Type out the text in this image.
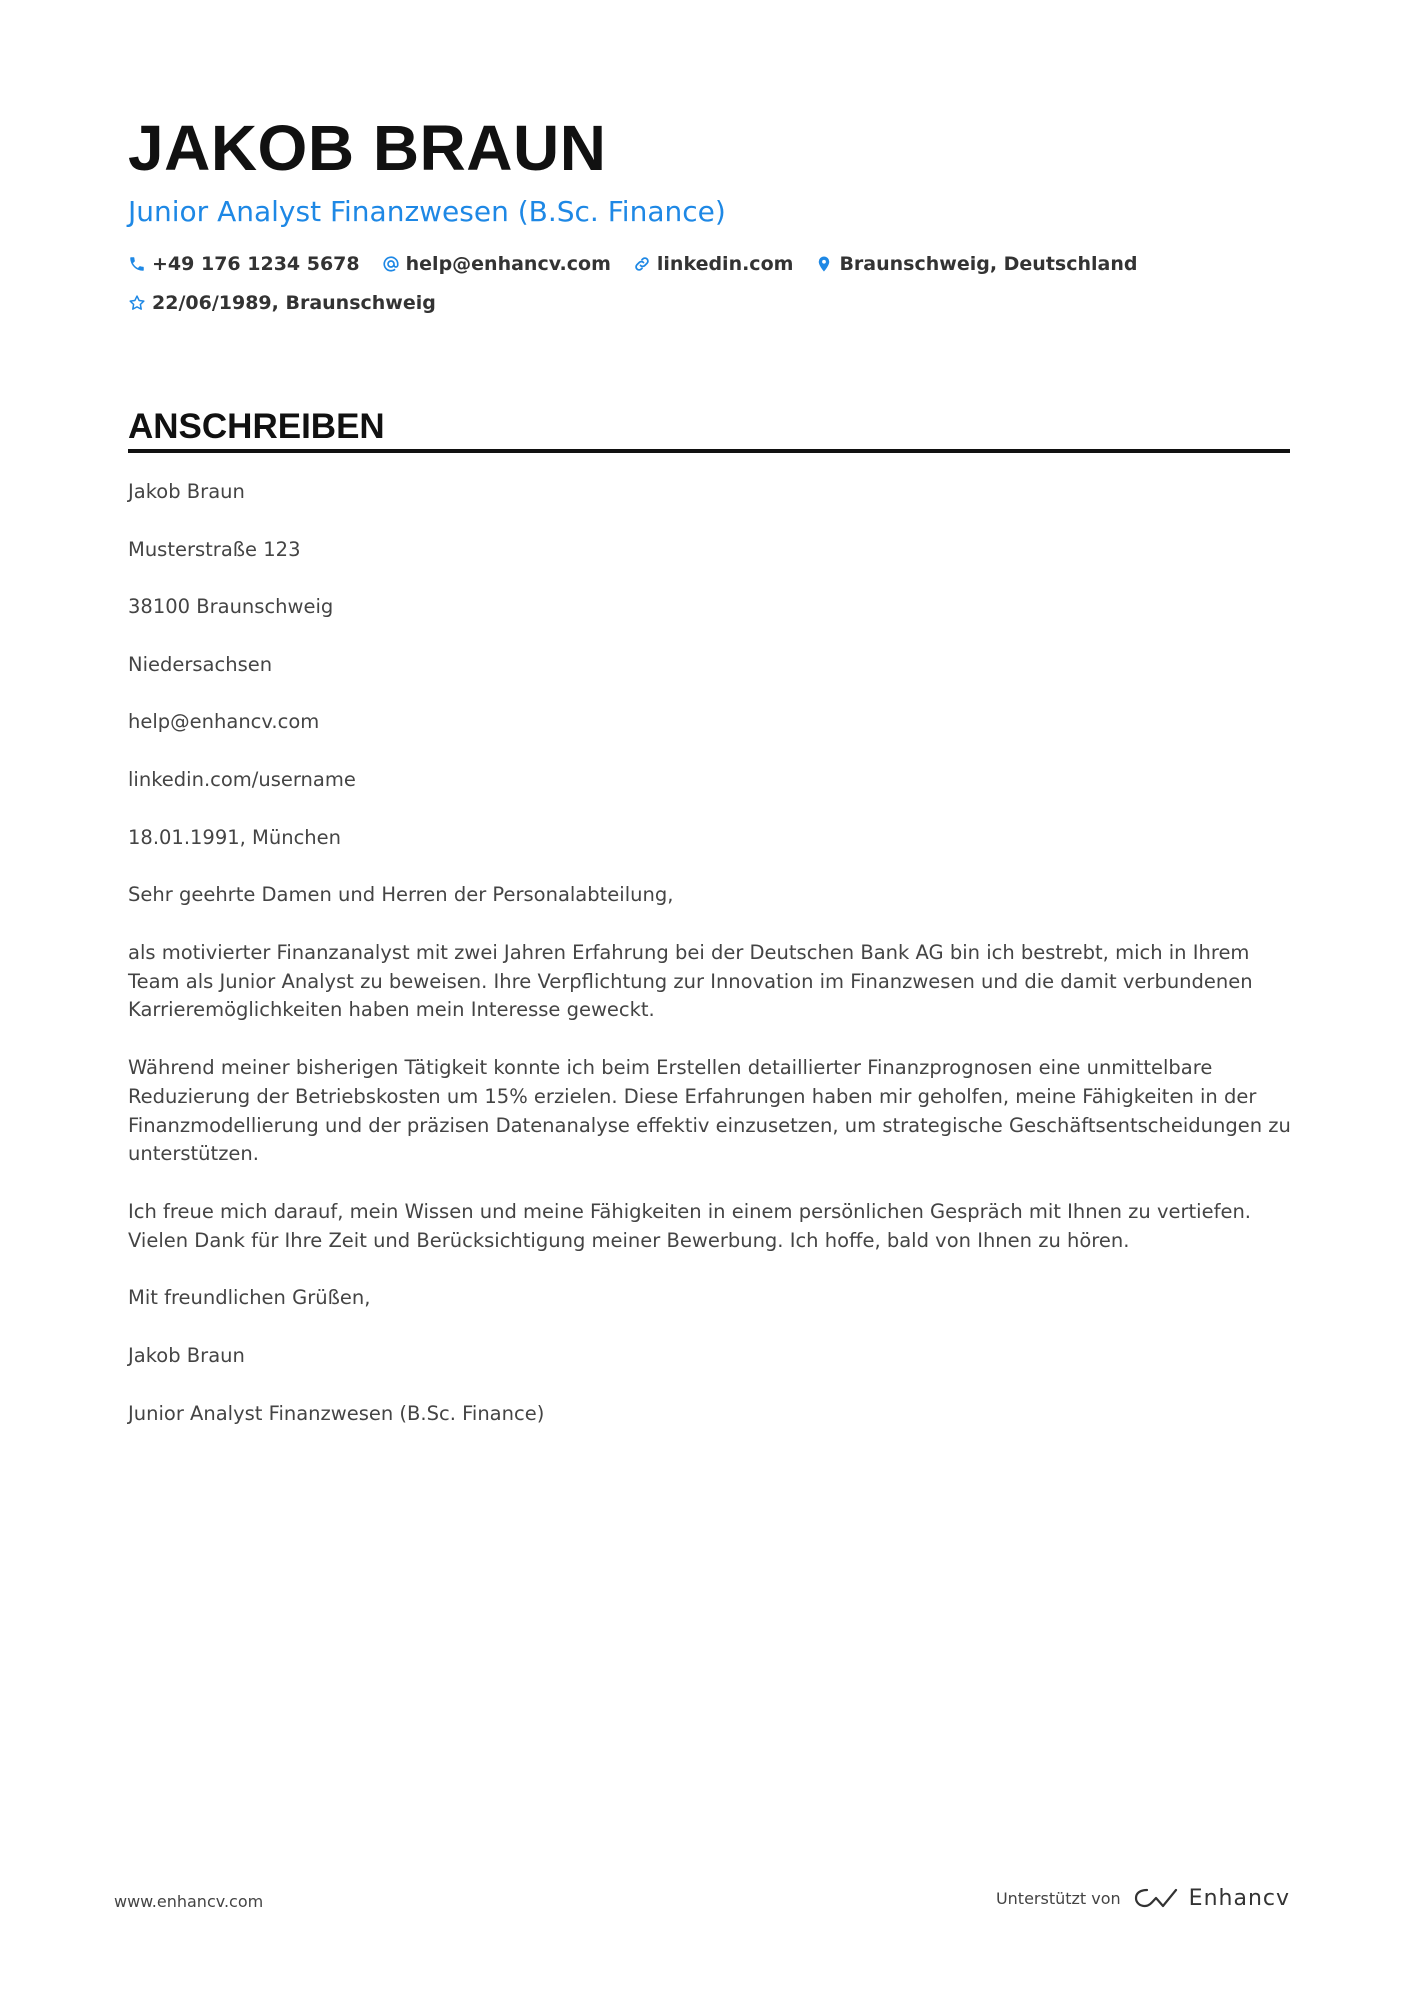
JAKOB BRAUN
Junior Analyst Finanzwesen (B.Sc. Finance)
+49 176 1234 5678 help@enhancv.com linkedin.com Braunschweig, Deutschland
22/06/1989, Braunschweig
ANSCHREIBEN

Jakob Braun

Musterstraße 123

38100 Braunschweig

Niedersachsen

help@enhancv.com

linkedin.com/username

18.01.1991, München

Sehr geehrte Damen und Herren der Personalabteilung,

als motivierter Finanzanalyst mit zwei Jahren Erfahrung bei der Deutschen Bank AG bin ich bestrebt, mich in Ihrem Team als Junior Analyst zu beweisen. Ihre Verpflichtung zur Innovation im Finanzwesen und die damit verbundenen Karrieremöglichkeiten haben mein Interesse geweckt.

Während meiner bisherigen Tätigkeit konnte ich beim Erstellen detaillierter Finanzprognosen eine unmittelbare Reduzierung der Betriebskosten um 15% erzielen. Diese Erfahrungen haben mir geholfen, meine Fähigkeiten in der Finanzmodellierung und der präzisen Datenanalyse effektiv einzusetzen, um strategische Geschäftsentscheidungen zu unterstützen.

Ich freue mich darauf, mein Wissen und meine Fähigkeiten in einem persönlichen Gespräch mit Ihnen zu vertiefen. Vielen Dank für Ihre Zeit und Berücksichtigung meiner Bewerbung. Ich hoffe, bald von Ihnen zu hören.

Mit freundlichen Grüßen,

Jakob Braun

Junior Analyst Finanzwesen (B.Sc. Finance)

www.enhancv.com	Unterstützt von	Enhancv
